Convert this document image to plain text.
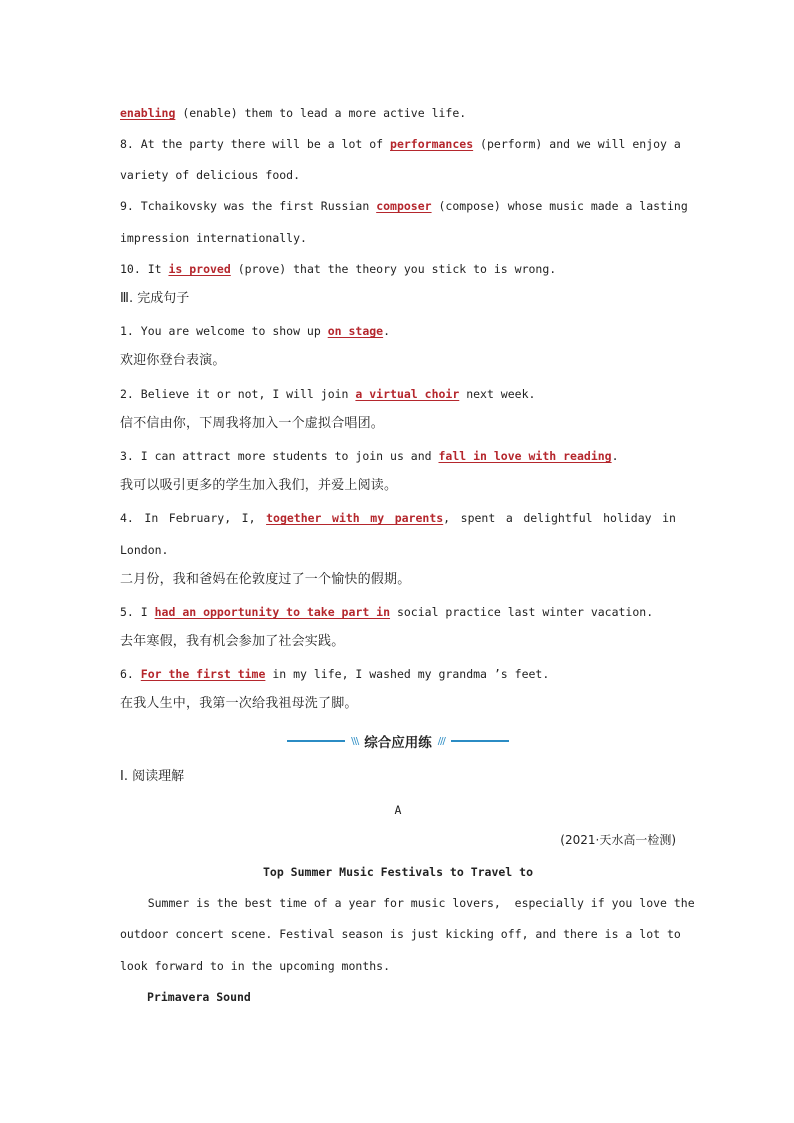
enabling (enable) them to lead a more active life.
8. At the party there will be a lot of performances (perform) and we will enjoy a
variety of delicious food.
9. Tchaikovsky was the first Russian composer (compose) whose music made a lasting
impression internationally.
10. It is proved (prove) that the theory you stick to is wrong.
Ⅲ. 完成句子
1. You are welcome to show up on stage.
欢迎你登台表演。
2. Believe it or not, I will join a virtual choir next week.
信不信由你，下周我将加入一个虚拟合唱团。
3. I can attract more students to join us and fall in love with reading.
我可以吸引更多的学生加入我们，并爱上阅读。
4. In February, I, together with my parents, spent a delightful holiday in
London.
二月份，我和爸妈在伦敦度过了一个愉快的假期。
5. I had an opportunity to take part in social practice last winter vacation.
去年寒假，我有机会参加了社会实践。
6. For the first time in my life, I washed my grandma ’s feet.
在我人生中，我第一次给我祖母洗了脚。
\\\ 综合应用练 ///
Ⅰ. 阅读理解
A
(2021·天水高一检测)
Top Summer Music Festivals to Travel to
Summer is the best time of a year for music lovers,  especially if you love the
outdoor concert scene. Festival season is just kicking off, and there is a lot to
look forward to in the upcoming months.
Primavera Sound
